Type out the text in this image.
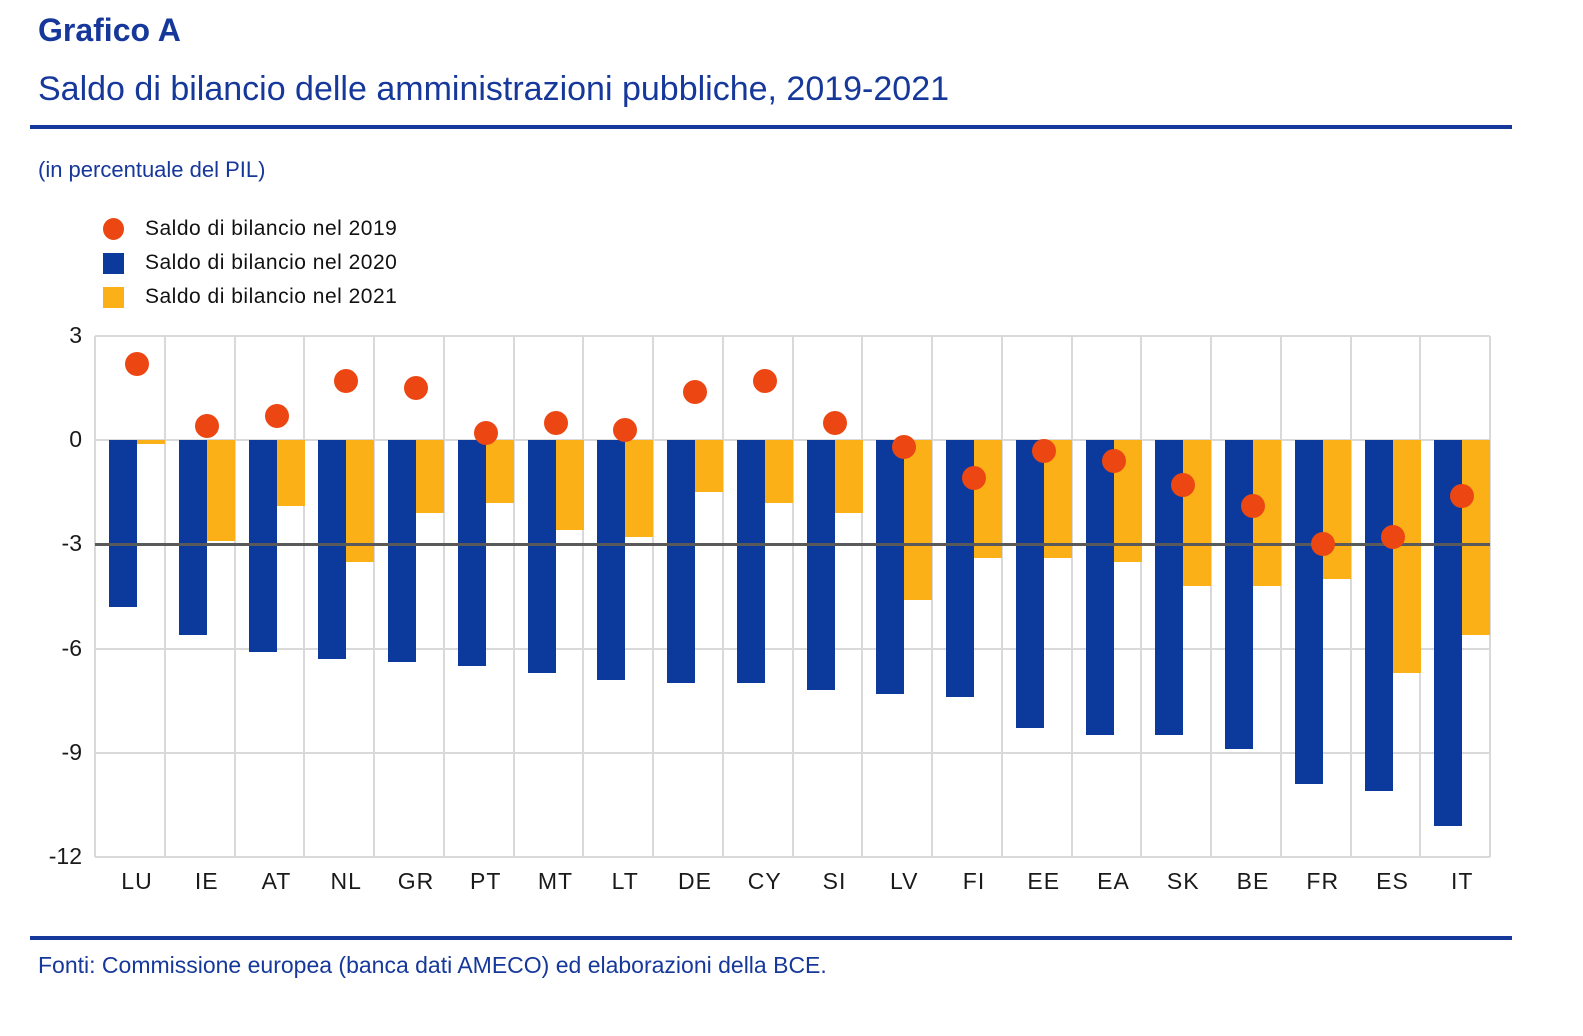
Grafico A
Saldo di bilancio delle amministrazioni pubbliche, 2019-2021
(in percentuale del PIL)
Saldo di bilancio nel 2019
Saldo di bilancio nel 2020
Saldo di bilancio nel 2021
3
0
-3
-6
-9
-12
LU	IE	AT	NL	GR	PT	MT	LT	DE	CY	SI	LV	FI	EE	EA	SK	BE	FR	ES	IT
Fonti: Commissione europea (banca dati AMECO) ed elaborazioni della BCE.
